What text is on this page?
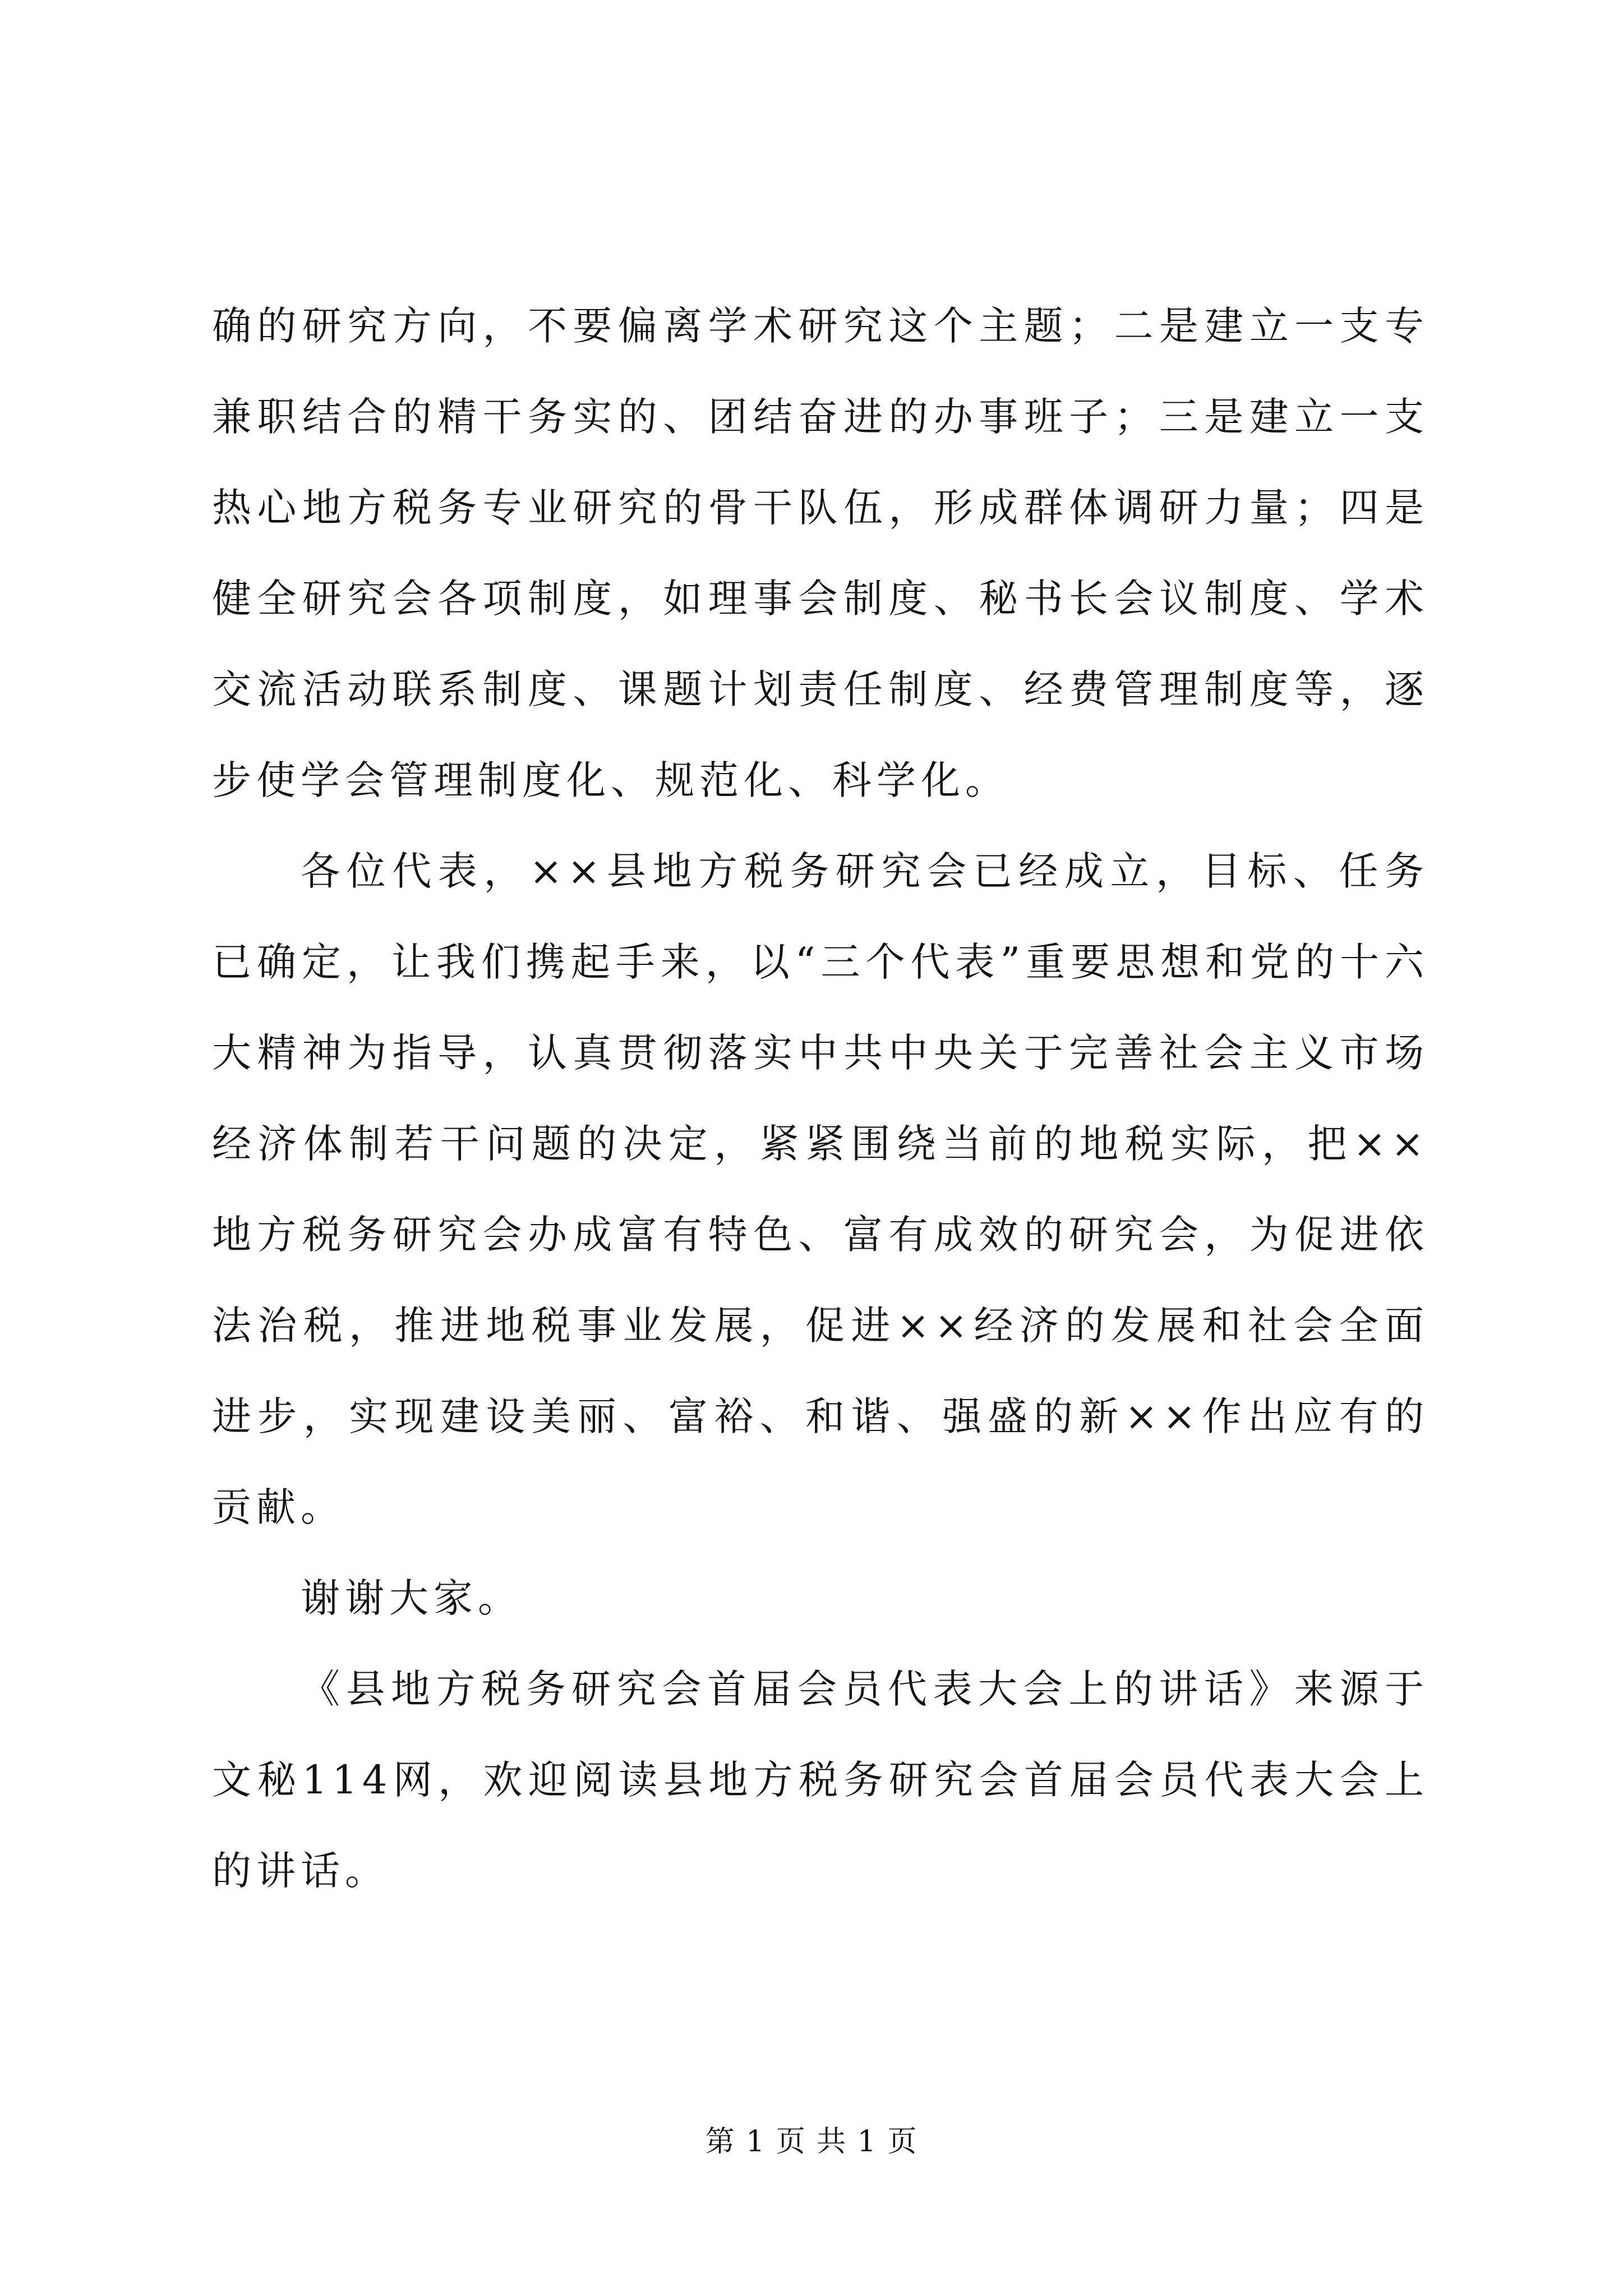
确的研究方向，不要偏离学术研究这个主题；二是建立一支专兼职结合的精干务实的、团结奋进的办事班子；三是建立一支热心地方税务专业研究的骨干队伍，形成群体调研力量；四是健全研究会各项制度，如理事会制度、秘书长会议制度、学术交流活动联系制度、课题计划责任制度、经费管理制度等，逐步使学会管理制度化、规范化、科学化。

各位代表，××县地方税务研究会已经成立，目标、任务已确定，让我们携起手来，以“三个代表”重要思想和党的十六大精神为指导，认真贯彻落实中共中央关于完善社会主义市场经济体制若干问题的决定，紧紧围绕当前的地税实际，把××地方税务研究会办成富有特色、富有成效的研究会，为促进依法治税，推进地税事业发展，促进××经济的发展和社会全面进步，实现建设美丽、富裕、和谐、强盛的新××作出应有的贡献。

谢谢大家。

《县地方税务研究会首届会员代表大会上的讲话》来源于文秘114网，欢迎阅读县地方税务研究会首届会员代表大会上的讲话。

第 1 页 共 1 页
